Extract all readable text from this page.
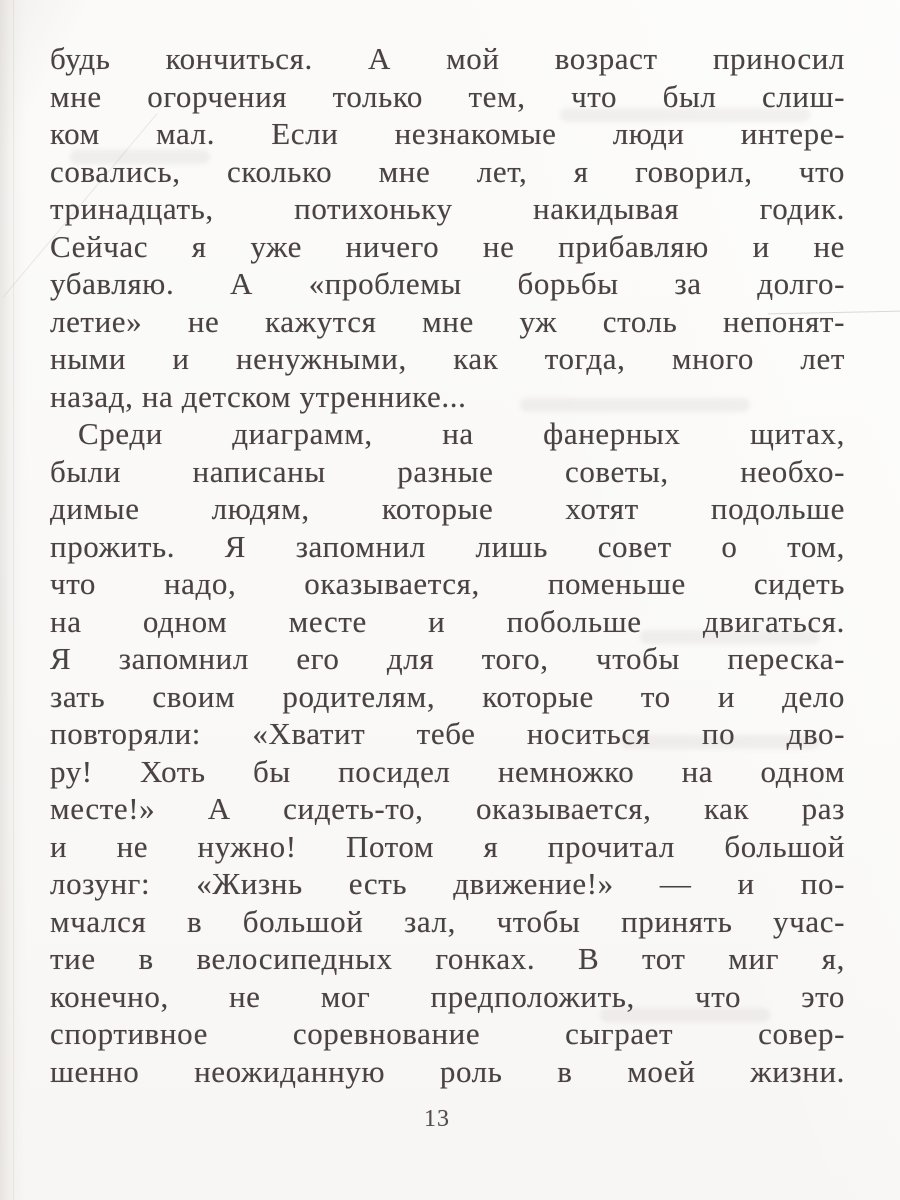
будь кончиться. А мой возраст приносил
мне огорчения только тем, что был слиш-
ком мал. Если незнакомые люди интере-
совались, сколько мне лет, я говорил, что
тринадцать, потихоньку накидывая годик.
Сейчас я уже ничего не прибавляю и не
убавляю. А «проблемы борьбы за долго-
летие» не кажутся мне уж столь непонят-
ными и ненужными, как тогда, много лет
назад, на детском утреннике...
Среди диаграмм, на фанерных щитах,
были написаны разные советы, необхо-
димые людям, которые хотят подольше
прожить. Я запомнил лишь совет о том,
что надо, оказывается, поменьше сидеть
на одном месте и побольше двигаться.
Я запомнил его для того, чтобы переска-
зать своим родителям, которые то и дело
повторяли: «Хватит тебе носиться по дво-
ру! Хоть бы посидел немножко на одном
месте!» А сидеть-то, оказывается, как раз
и не нужно! Потом я прочитал большой
лозунг: «Жизнь есть движение!» — и по-
мчался в большой зал, чтобы принять учас-
тие в велосипедных гонках. В тот миг я,
конечно, не мог предположить, что это
спортивное соревнование сыграет совер-
шенно неожиданную роль в моей жизни.
13
